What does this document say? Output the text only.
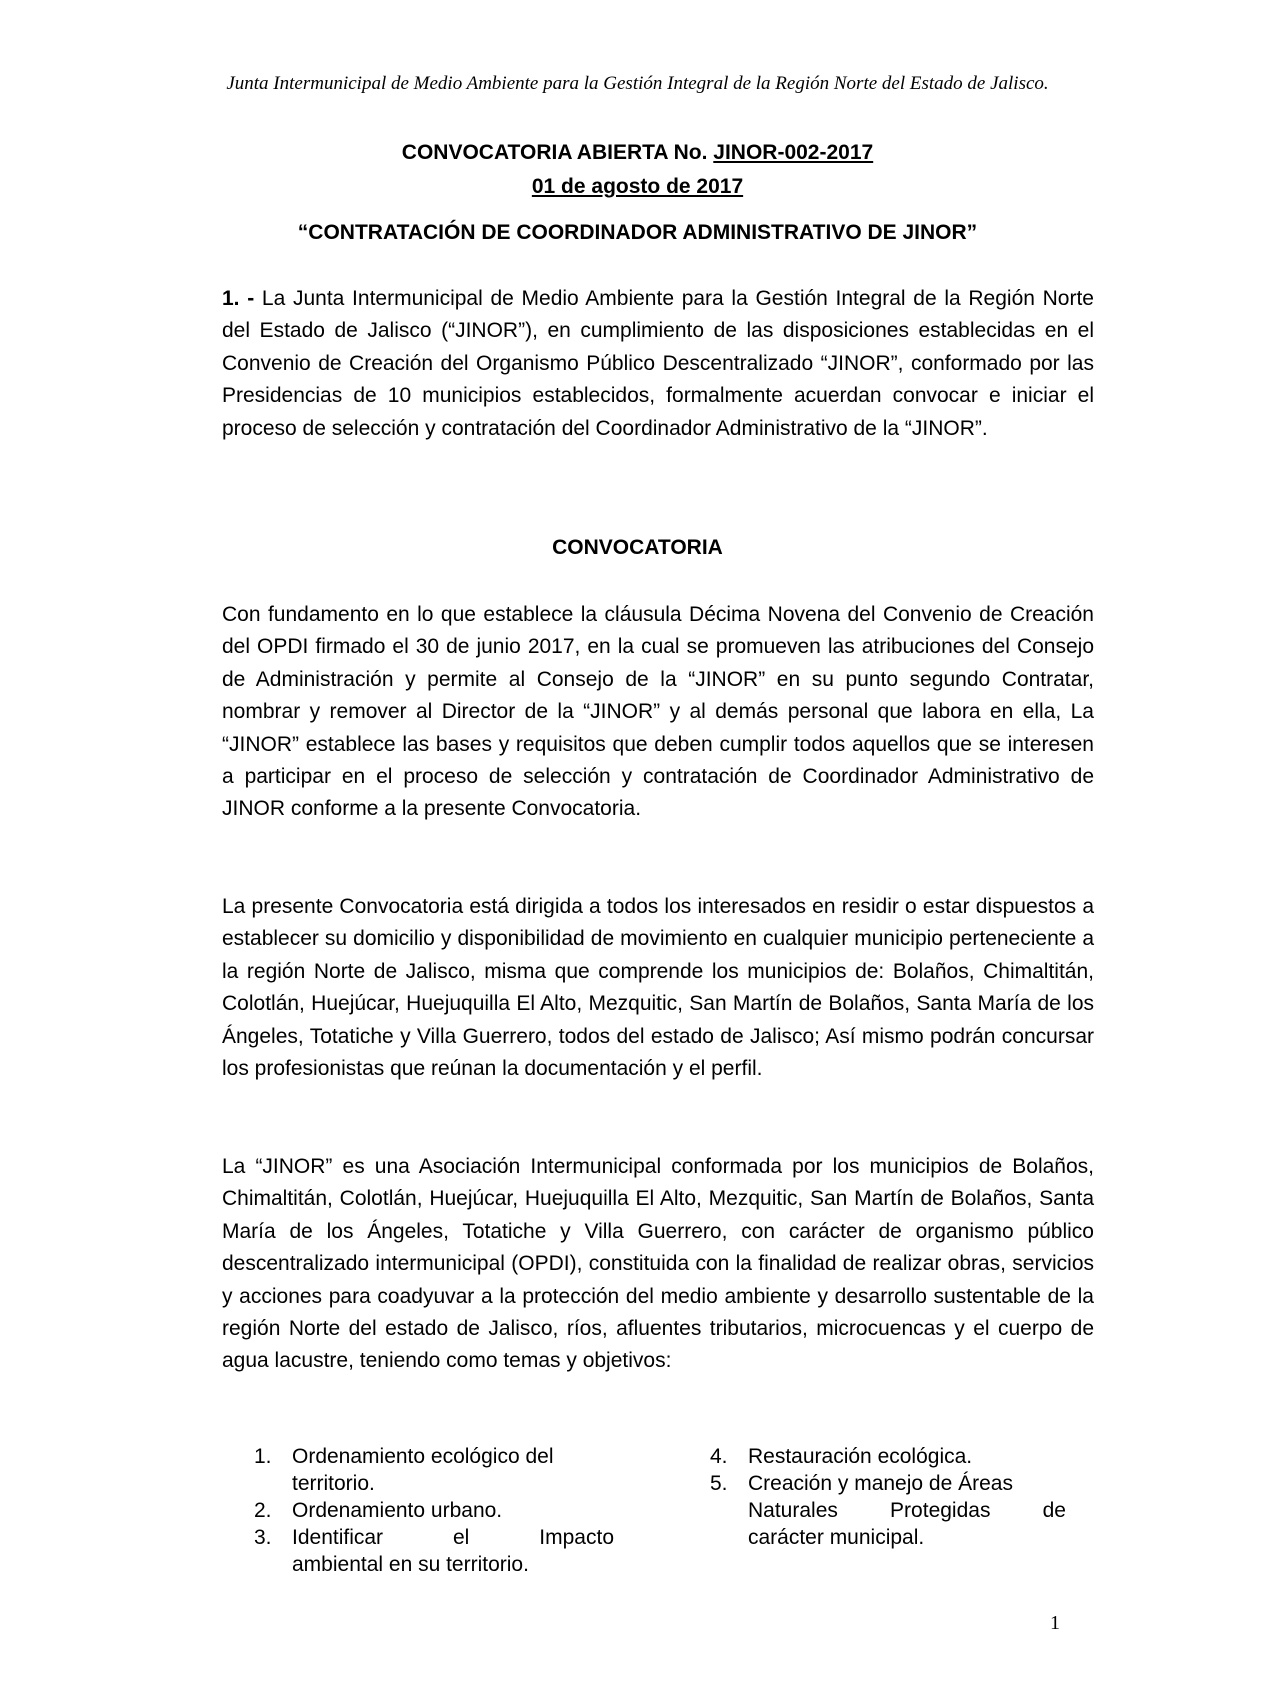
Junta Intermunicipal de Medio Ambiente para la Gestión Integral de la Región Norte del Estado de Jalisco.
CONVOCATORIA ABIERTA No. JINOR-002-2017
01 de agosto de 2017
“CONTRATACIÓN DE COORDINADOR ADMINISTRATIVO DE JINOR”
1. - La Junta Intermunicipal de Medio Ambiente para la Gestión Integral de la Región Norte del Estado de Jalisco (“JINOR”), en cumplimiento de las disposiciones establecidas en el Convenio de Creación del Organismo Público Descentralizado “JINOR”, conformado por las Presidencias de 10 municipios establecidos, formalmente acuerdan convocar e iniciar el proceso de selección y contratación del Coordinador Administrativo de la “JINOR”.
CONVOCATORIA
Con fundamento en lo que establece la cláusula Décima Novena del Convenio de Creación del OPDI firmado el 30 de junio 2017, en la cual se promueven las atribuciones del Consejo de Administración y permite al Consejo de la “JINOR” en su punto segundo Contratar, nombrar y remover al Director de la “JINOR” y al demás personal que labora en ella, La “JINOR” establece las bases y requisitos que deben cumplir todos aquellos que se interesen a participar en el proceso de selección y contratación de Coordinador Administrativo de JINOR conforme a la presente Convocatoria.
La presente Convocatoria está dirigida a todos los interesados en residir o estar dispuestos a establecer su domicilio y disponibilidad de movimiento en cualquier municipio perteneciente a la región Norte de Jalisco, misma que comprende los municipios de: Bolaños, Chimaltitán, Colotlán, Huejúcar, Huejuquilla El Alto, Mezquitic, San Martín de Bolaños, Santa María de los Ángeles, Totatiche y Villa Guerrero, todos del estado de Jalisco; Así mismo podrán concursar los profesionistas que reúnan la documentación y el perfil.
La “JINOR” es una Asociación Intermunicipal conformada por los municipios de Bolaños, Chimaltitán, Colotlán, Huejúcar, Huejuquilla El Alto, Mezquitic, San Martín de Bolaños, Santa María de los Ángeles, Totatiche y Villa Guerrero, con carácter de organismo público descentralizado intermunicipal (OPDI), constituida con la finalidad de realizar obras, servicios y acciones para coadyuvar a la protección del medio ambiente y desarrollo sustentable de la región Norte del estado de Jalisco, ríos, afluentes tributarios, microcuencas y el cuerpo de agua lacustre, teniendo como temas y objetivos:
1. Ordenamiento ecológico del territorio.
2. Ordenamiento urbano.
3. Identificar el Impacto
ambiental en su territorio.
4. Restauración ecológica.
5. Creación y manejo de Áreas
Naturales Protegidas de
carácter municipal.
1
